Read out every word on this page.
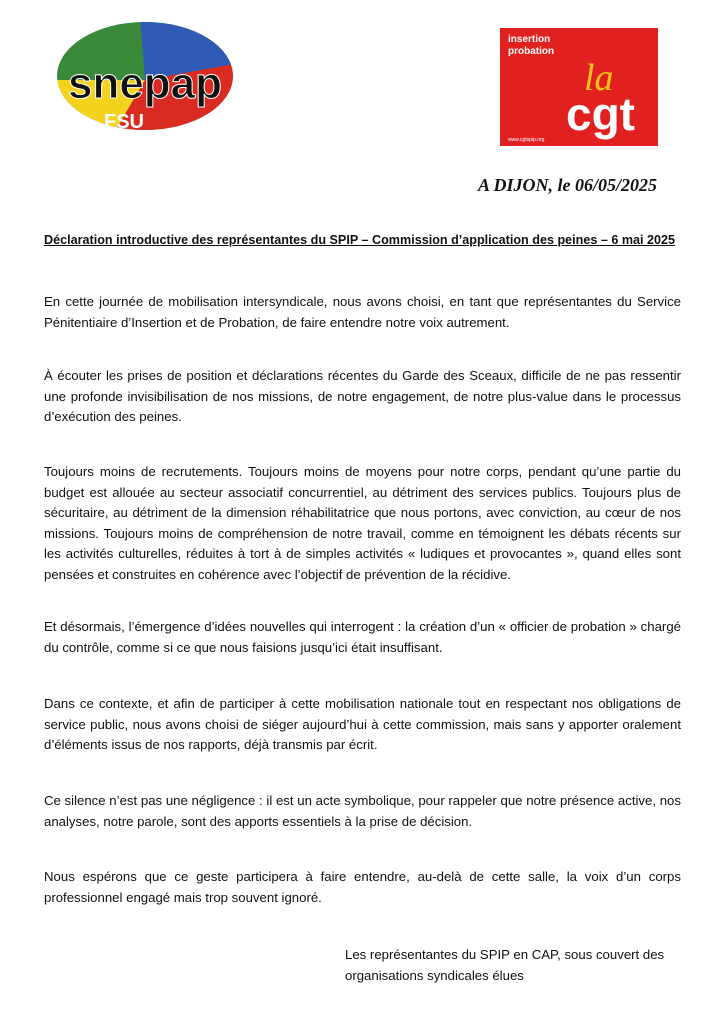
snepap
FSU
insertion
probation
la
cgt
www.cgtspip.org
A DIJON, le 06/05/2025
Déclaration introductive des représentantes du SPIP – Commission d’application des peines – 6 mai 2025

En cette journée de mobilisation intersyndicale, nous avons choisi, en tant que représentantes du Service Pénitentiaire d’Insertion et de Probation, de faire entendre notre voix autrement.

À écouter les prises de position et déclarations récentes du Garde des Sceaux, difficile de ne pas ressentir une profonde invisibilisation de nos missions, de notre engagement, de notre plus-value dans le processus d’exécution des peines.

Toujours moins de recrutements. Toujours moins de moyens pour notre corps, pendant qu’une partie du budget est allouée au secteur associatif concurrentiel, au détriment des services publics. Toujours plus de sécuritaire, au détriment de la dimension réhabilitatrice que nous portons, avec conviction, au cœur de nos missions. Toujours moins de compréhension de notre travail, comme en témoignent les débats récents sur les activités culturelles, réduites à tort à de simples activités « ludiques et provocantes », quand elles sont pensées et construites en cohérence avec l’objectif de prévention de la récidive.

Et désormais, l’émergence d’idées nouvelles qui interrogent : la création d’un « officier de probation » chargé du contrôle, comme si ce que nous faisions jusqu’ici était insuffisant.

Dans ce contexte, et afin de participer à cette mobilisation nationale tout en respectant nos obligations de service public, nous avons choisi de siéger aujourd’hui à cette commission, mais sans y apporter oralement d’éléments issus de nos rapports, déjà transmis par écrit.

Ce silence n’est pas une négligence : il est un acte symbolique, pour rappeler que notre présence active, nos analyses, notre parole, sont des apports essentiels à la prise de décision.

Nous espérons que ce geste participera à faire entendre, au-delà de cette salle, la voix d’un corps professionnel engagé mais trop souvent ignoré.

Les représentantes du SPIP en CAP, sous couvert des organisations syndicales élues
